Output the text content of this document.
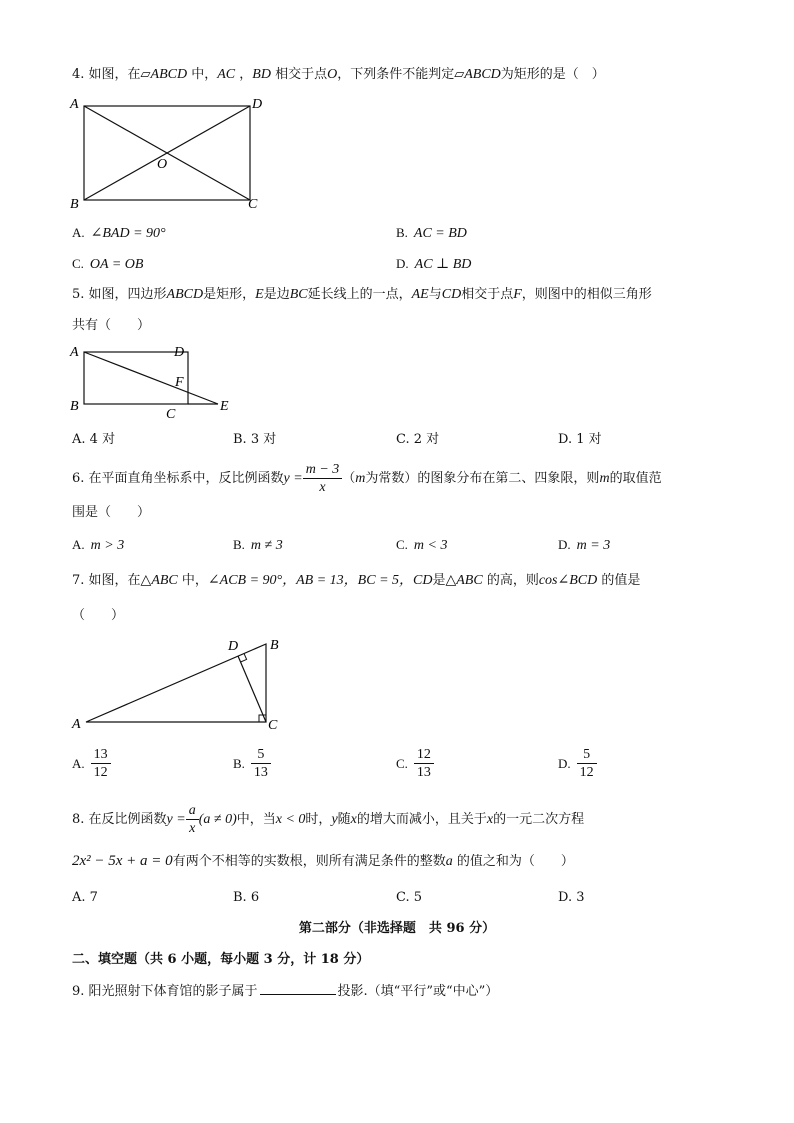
4. 如图，在▱ABCD 中，AC ，BD 相交于点O，下列条件不能判定▱ABCD为矩形的是（　）
A	D
B	C
O
A. ∠BAD = 90°	B. AC = BD
C. OA = OB	D. AC ⊥ BD
5. 如图，四边形ABCD是矩形，E是边BC延长线上的一点，AE与CD相交于点F，则图中的相似三角形
共有（　　）
A	D
B
C
E
F
A. 4 对	B. 3 对	C. 2 对	D. 1 对
6. 在平面直角坐标系中，反比例函数$y = \frac{m - 3}{x} (m$为常数）的图象分布在第二、四象限，则m的取值范
围是（　　）
A. m > 3	B. m ≠ 3	C. m < 3	D. m = 3
7. 如图，在△ABC 中，∠ACB = 90°，AB = 13，BC = 5，CD是△ABC 的高，则cos∠BCD 的值是
（　　）
A
B
C
D
A. $\frac{13}{12}$	B. $\frac{5}{13}$	C. $\frac{12}{13}$	D. $\frac{5}{12}$
8. 在反比例函数$y = \frac{a}{x} (a \ne 0)$中，当x < 0时，y随x的增大而减小，且关于x的一元二次方程
2x² − 5x + a = 0有两个不相等的实数根，则所有满足条件的整数a 的值之和为（　　）
A. 7	B. 6	C. 5	D. 3
第二部分（非选择题　共 96 分）
二、填空题（共 6 小题，每小题 3 分，计 18 分）
9. 阳光照射下体育馆的影子属于	投影.（填“平行”或“中心”）
